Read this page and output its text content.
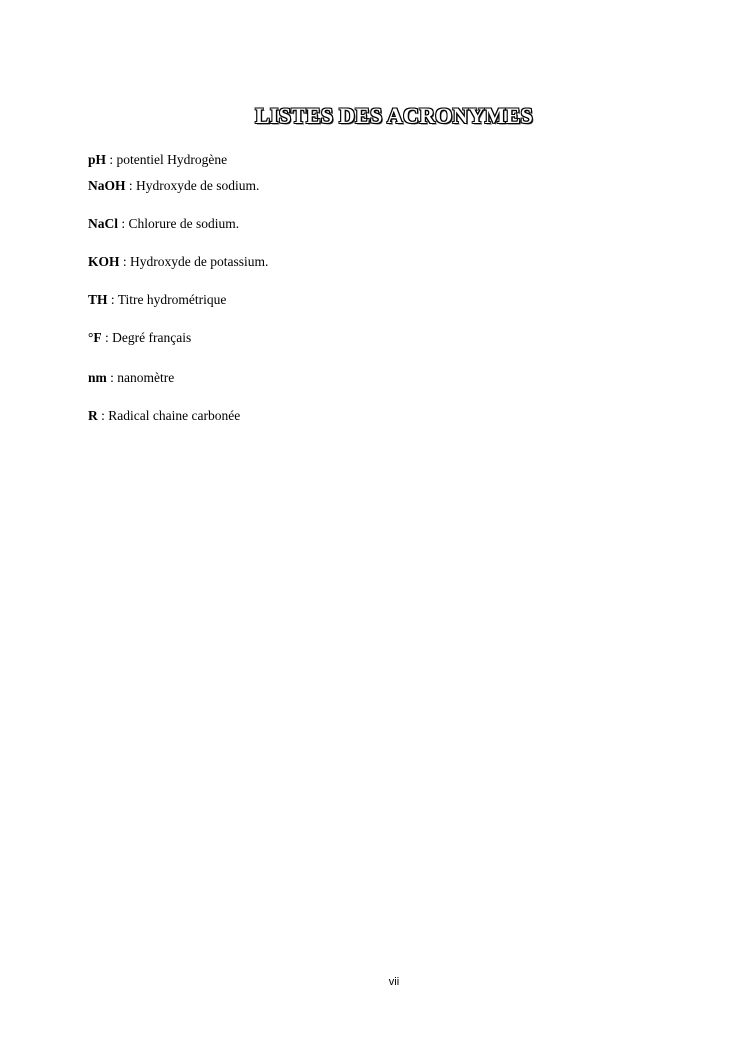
LISTES DES ACRONYMES
pH : potentiel Hydrogène
NaOH : Hydroxyde de sodium.
NaCl : Chlorure de sodium.
KOH : Hydroxyde de potassium.
TH : Titre hydrométrique
°F : Degré français
nm : nanomètre
R : Radical chaine carbonée
vii
